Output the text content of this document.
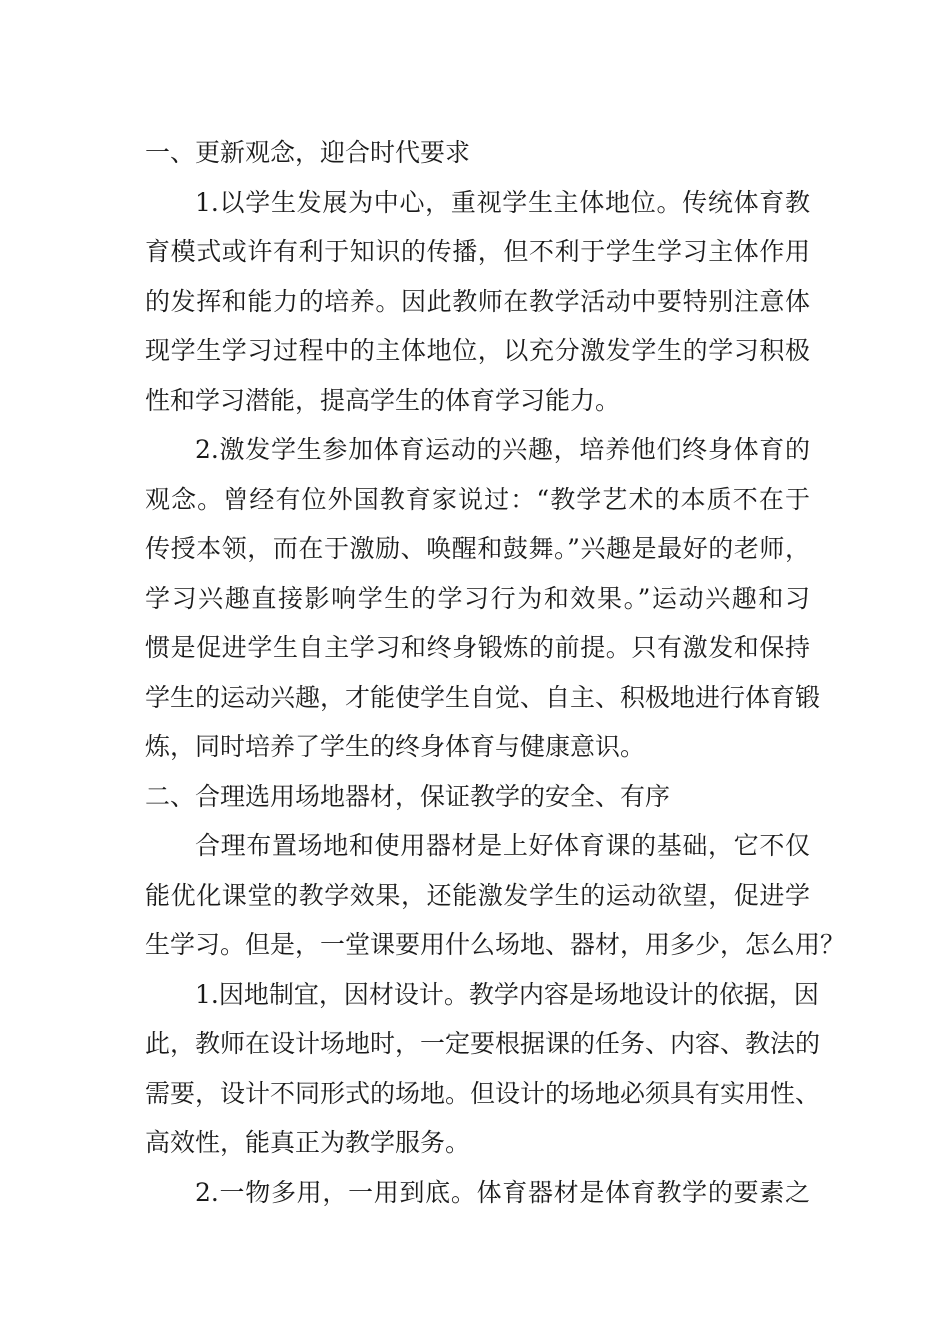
一、更新观念，迎合时代要求
1.以学生发展为中心，重视学生主体地位。传统体育教
育模式或许有利于知识的传播，但不利于学生学习主体作用
的发挥和能力的培养。因此教师在教学活动中要特别注意体
现学生学习过程中的主体地位，以充分激发学生的学习积极
性和学习潜能，提高学生的体育学习能力。
2.激发学生参加体育运动的兴趣，培养他们终身体育的
观念。曾经有位外国教育家说过：“教学艺术的本质不在于
传授本领，而在于激励、唤醒和鼓舞。”兴趣是最好的老师，
学习兴趣直接影响学生的学习行为和效果。”运动兴趣和习
惯是促进学生自主学习和终身锻炼的前提。只有激发和保持
学生的运动兴趣，才能使学生自觉、自主、积极地进行体育锻
炼，同时培养了学生的终身体育与健康意识。
二、合理选用场地器材，保证教学的安全、有序
合理布置场地和使用器材是上好体育课的基础，它不仅
能优化课堂的教学效果，还能激发学生的运动欲望，促进学
生学习。但是，一堂课要用什么场地、器材，用多少，怎么用？
1.因地制宜，因材设计。教学内容是场地设计的依据，因
此，教师在设计场地时，一定要根据课的任务、内容、教法的
需要，设计不同形式的场地。但设计的场地必须具有实用性、
高效性，能真正为教学服务。
2.一物多用，一用到底。体育器材是体育教学的要素之
